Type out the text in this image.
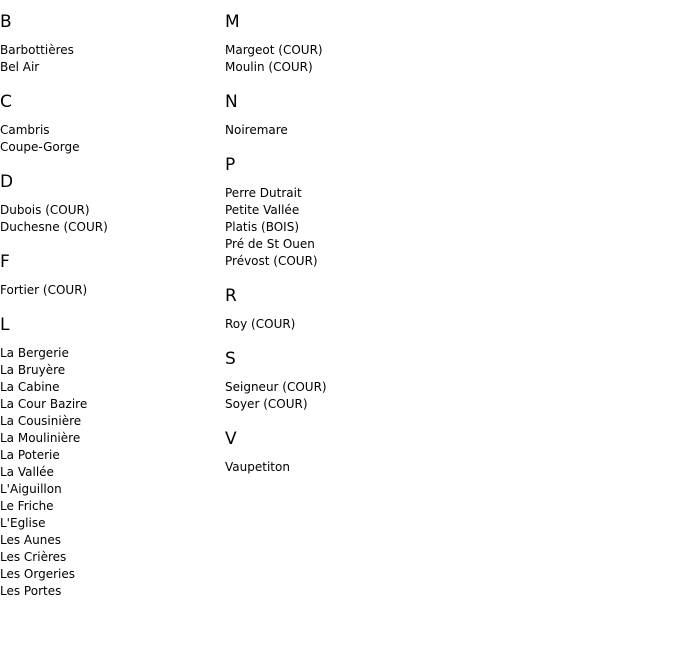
B
Barbottières
Bel Air
C
Cambris
Coupe-Gorge
D
Dubois (COUR)
Duchesne (COUR)
F
Fortier (COUR)
L
La Bergerie
La Bruyère
La Cabine
La Cour Bazire
La Cousinière
La Moulinière
La Poterie
La Vallée
L'Aiguillon
Le Friche
L'Eglise
Les Aunes
Les Crières
Les Orgeries
Les Portes
M
Margeot (COUR)
Moulin (COUR)
N
Noiremare
P
Perre Dutrait
Petite Vallée
Platis (BOIS)
Pré de St Ouen
Prévost (COUR)
R
Roy (COUR)
S
Seigneur (COUR)
Soyer (COUR)
V
Vaupetiton
